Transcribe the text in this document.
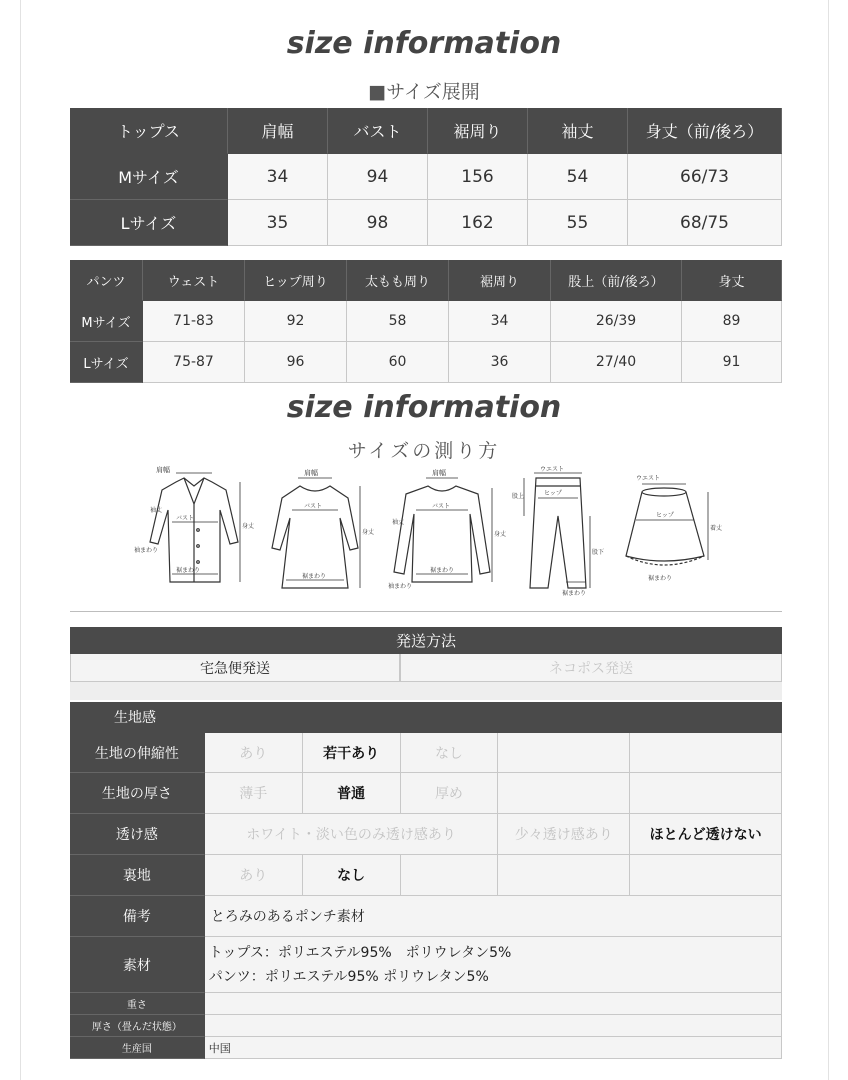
size information
■サイズ展開
トップス	肩幅	バスト	裾周り	袖丈	身丈（前/後ろ）
Mサイズ	34	94	156	54	66/73
Lサイズ	35	98	162	55	68/75
パンツ	ウェスト	ヒップ周り	太もも周り	裾周り	股上（前/後ろ）	身丈
Mサイズ	71-83	92	58	34	26/39	89
Lサイズ	75-87	96	60	36	27/40	91
size information
サイズの測り方
肩幅
バスト
袖丈
身丈
袖まわり
裾まわり
肩幅
バスト
身丈
裾まわり
肩幅
バスト
袖丈
身丈
袖まわり
裾まわり
ウエスト
股上	ヒップ
股下
裾まわり
ウエスト
ヒップ
着丈
裾まわり
発送方法
宅急便発送	ネコポス発送

生地感					
生地の伸縮性	あり	若干あり	なし		
生地の厚さ	薄手	普通	厚め		
透け感	ホワイト・淡い色のみ透け感あり			少々透け感あり	ほとんど透けない
裏地	あり	なし			
備考	とろみのあるポンチ素材				
素材	トップス：ポリエステル95%　ポリウレタン5%
パンツ：ポリエステル95% ポリウレタン5%				

重さ					
厚さ（畳んだ状態）					
生産国	中国				
